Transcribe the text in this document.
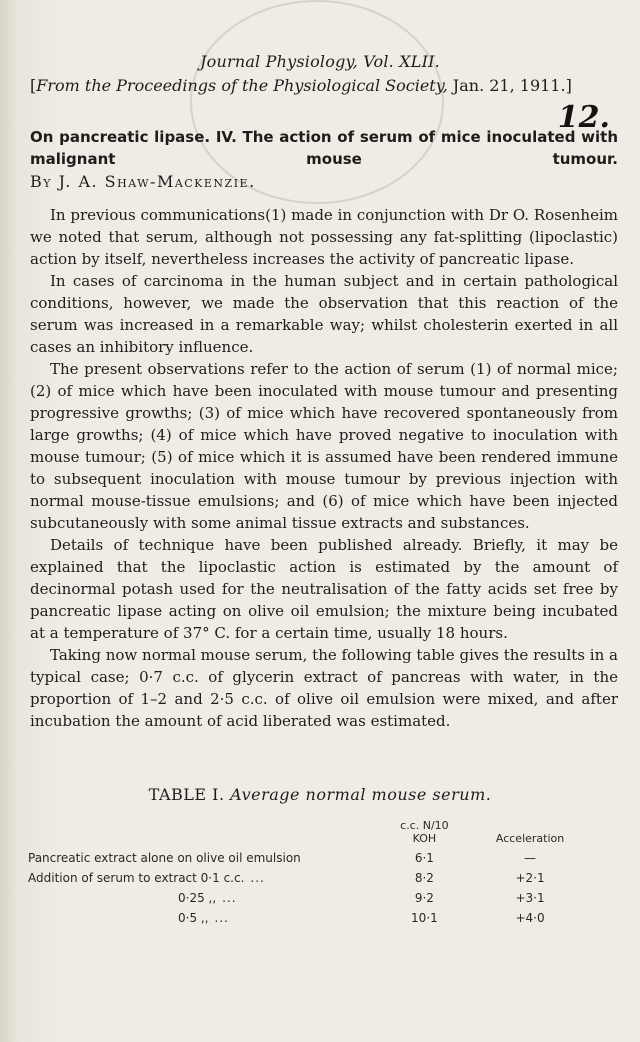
Journal Physiology, Vol. XLII.
[From the Proceedings of the Physiological Society, Jan. 21, 1911.]
12.
On pancreatic lipase. IV. The action of serum of mice inoculated with malignant mouse tumour.
By J. A. Shaw-Mackenzie.

In previous communications(1) made in conjunction with Dr O. Rosenheim we noted that serum, although not possessing any fat-splitting (lipoclastic) action by itself, nevertheless increases the activity of pancreatic lipase.

In cases of carcinoma in the human subject and in certain pathological conditions, however, we made the observation that this reaction of the serum was increased in a remarkable way; whilst cholesterin exerted in all cases an inhibitory influence.

The present observations refer to the action of serum (1) of normal mice; (2) of mice which have been inoculated with mouse tumour and presenting progressive growths; (3) of mice which have recovered spontaneously from large growths; (4) of mice which have proved negative to inoculation with mouse tumour; (5) of mice which it is assumed have been rendered immune to subsequent inoculation with mouse tumour by previous injection with normal mouse-tissue emulsions; and (6) of mice which have been injected subcutaneously with some animal tissue extracts and substances.

Details of technique have been published already. Briefly, it may be explained that the lipoclastic action is estimated by the amount of decinormal potash used for the neutralisation of the fatty acids set free by pancreatic lipase acting on olive oil emulsion; the mixture being incubated at a temperature of 37° C. for a certain time, usually 18 hours.

Taking now normal mouse serum, the following table gives the results in a typical case; 0·7 c.c. of glycerin extract of pancreas with water, in the proportion of 1–2 and 2·5 c.c. of olive oil emulsion were mixed, and after incubation the amount of acid liberated was estimated.

TABLE I. Average normal mouse serum.
	c.c. N/10 KOH	Acceleration
Pancreatic extract alone on olive oil emulsion	6·1	—
Addition of serum to extract 0·1 c.c. ...	8·2	+2·1
0·25 ,, ...	9·2	+3·1
0·5 ,, ...	10·1	+4·0
